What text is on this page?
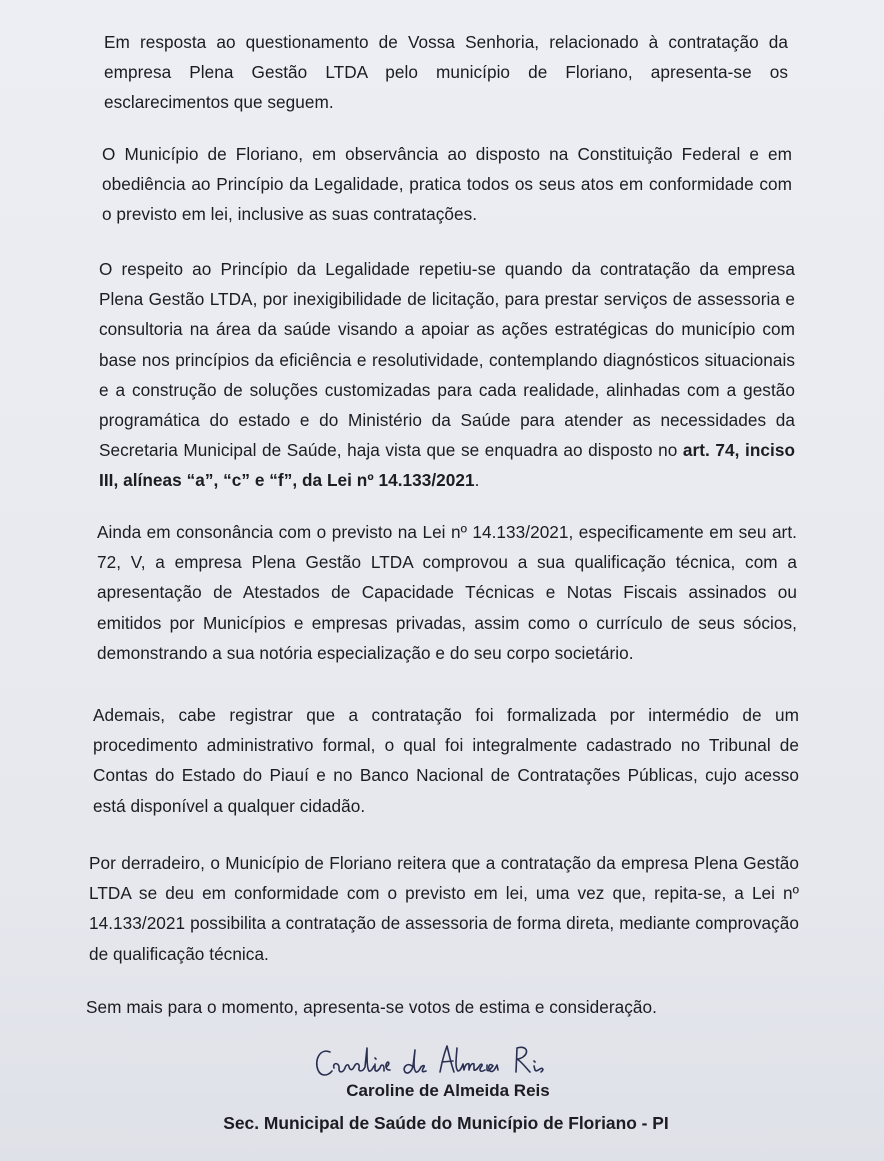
Em resposta ao questionamento de Vossa Senhoria, relacionado à contratação da empresa Plena Gestão LTDA pelo município de Floriano, apresenta-se os esclarecimentos que seguem.

O Município de Floriano, em observância ao disposto na Constituição Federal e em obediência ao Princípio da Legalidade, pratica todos os seus atos em conformidade com o previsto em lei, inclusive as suas contratações.

O respeito ao Princípio da Legalidade repetiu-se quando da contratação da empresa Plena Gestão LTDA, por inexigibilidade de licitação, para prestar serviços de assessoria e consultoria na área da saúde visando a apoiar as ações estratégicas do município com base nos princípios da eficiência e resolutividade, contemplando diagnósticos situacionais e a construção de soluções customizadas para cada realidade, alinhadas com a gestão programática do estado e do Ministério da Saúde para atender as necessidades da Secretaria Municipal de Saúde, haja vista que se enquadra ao disposto no art. 74, inciso III, alíneas “a”, “c” e “f”, da Lei nº 14.133/2021.

Ainda em consonância com o previsto na Lei nº 14.133/2021, especificamente em seu art. 72, V, a empresa Plena Gestão LTDA comprovou a sua qualificação técnica, com a apresentação de Atestados de Capacidade Técnicas e Notas Fiscais assinados ou emitidos por Municípios e empresas privadas, assim como o currículo de seus sócios, demonstrando a sua notória especialização e do seu corpo societário.

Ademais, cabe registrar que a contratação foi formalizada por intermédio de um procedimento administrativo formal, o qual foi integralmente cadastrado no Tribunal de Contas do Estado do Piauí e no Banco Nacional de Contratações Públicas, cujo acesso está disponível a qualquer cidadão.

Por derradeiro, o Município de Floriano reitera que a contratação da empresa Plena Gestão LTDA se deu em conformidade com o previsto em lei, uma vez que, repita-se, a Lei nº 14.133/2021 possibilita a contratação de assessoria de forma direta, mediante comprovação de qualificação técnica.

Sem mais para o momento, apresenta-se votos de estima e consideração.

Caroline de Almeida Reis
Sec. Municipal de Saúde do Município de Floriano - PI
